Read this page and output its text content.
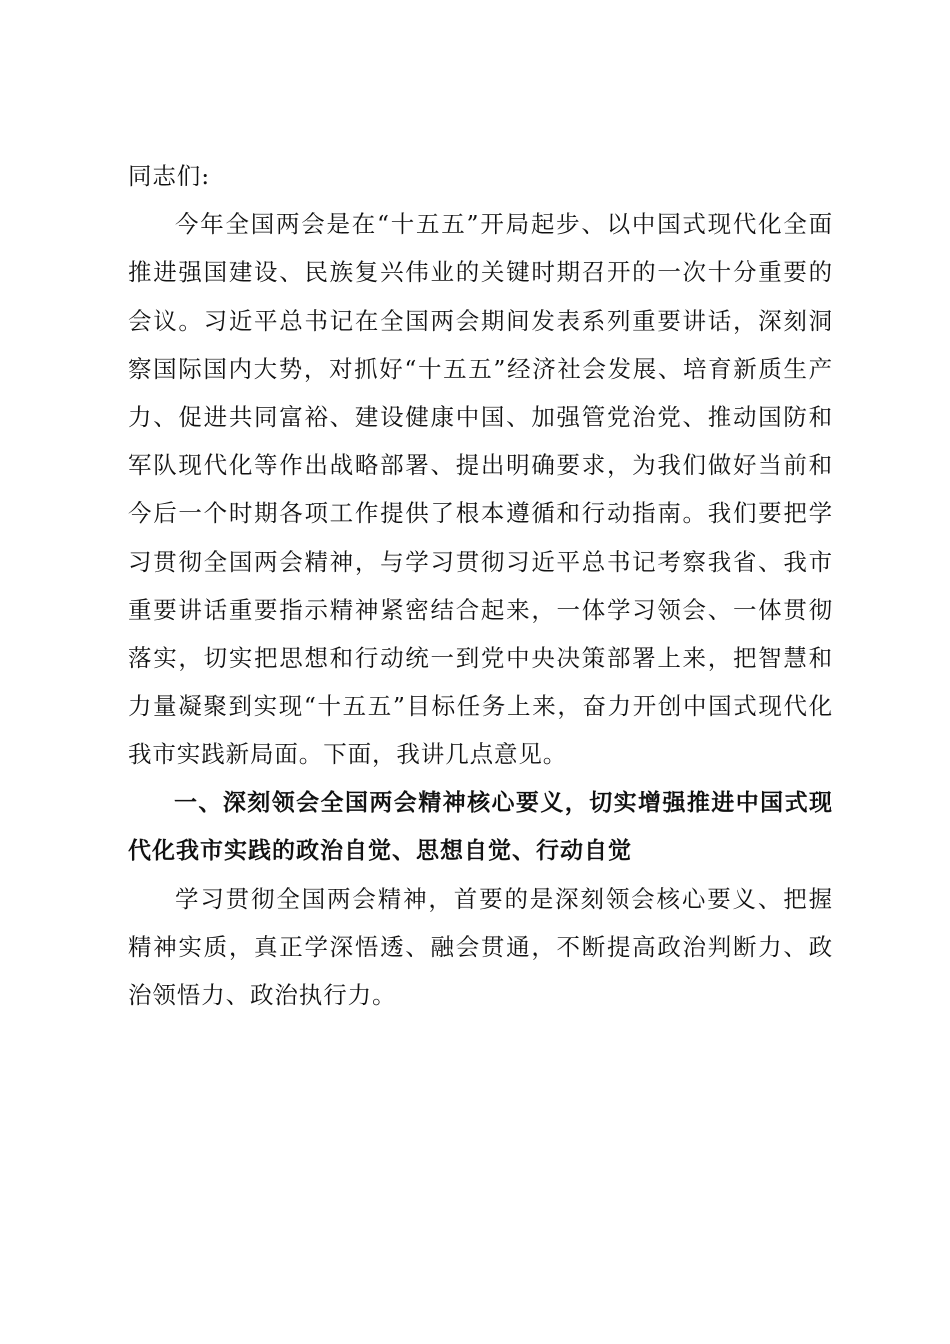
同志们:

今年全国两会是在“十五五”开局起步、以中国式现代化全面推进强国建设、民族复兴伟业的关键时期召开的一次十分重要的会议。习近平总书记在全国两会期间发表系列重要讲话，深刻洞察国际国内大势，对抓好“十五五”经济社会发展、培育新质生产力、促进共同富裕、建设健康中国、加强管党治党、推动国防和军队现代化等作出战略部署、提出明确要求，为我们做好当前和今后一个时期各项工作提供了根本遵循和行动指南。我们要把学习贯彻全国两会精神，与学习贯彻习近平总书记考察我省、我市重要讲话重要指示精神紧密结合起来，一体学习领会、一体贯彻落实，切实把思想和行动统一到党中央决策部署上来，把智慧和力量凝聚到实现“十五五”目标任务上来，奋力开创中国式现代化我市实践新局面。下面，我讲几点意见。

一、深刻领会全国两会精神核心要义，切实增强推进中国式现代化我市实践的政治自觉、思想自觉、行动自觉

学习贯彻全国两会精神，首要的是深刻领会核心要义、把握精神实质，真正学深悟透、融会贯通，不断提高政治判断力、政治领悟力、政治执行力。
